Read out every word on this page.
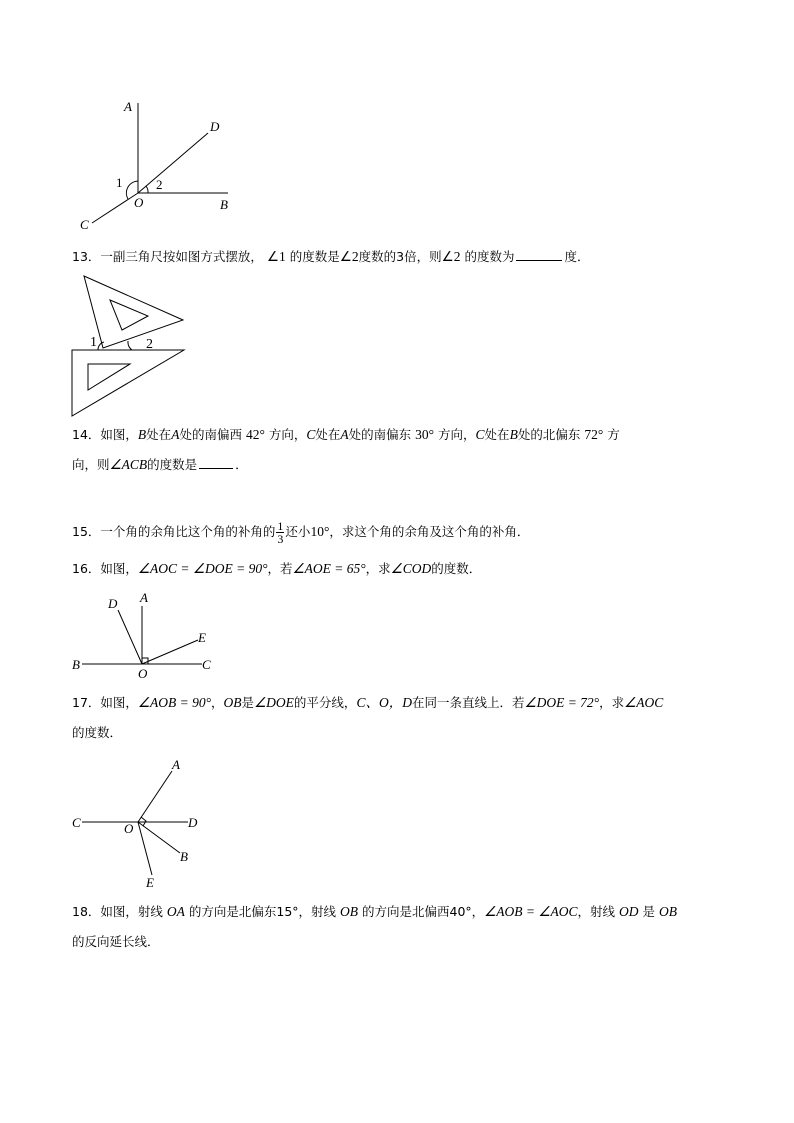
A
D
1	2
O	B
C
13．一副三角尺按如图方式摆放， ∠1 的度数是∠2度数的3倍，则∠2 的度数为	度．
1	2
14．如图，B处在A处的南偏西 42° 方向，C处在A处的南偏东 30° 方向，C处在B处的北偏东 72° 方
向，则∠ACB的度数是	．
15．一个角的余角比这个角的补角的 $\frac{1}{3}$ 还小10°，求这个角的余角及这个角的补角．
16．如图，∠AOC = ∠DOE = 90°，若∠AOE = 65°，求∠COD的度数．
D A
E
B
O
C
17．如图，∠AOB = 90°，OB是∠DOE的平分线，C、O，D在同一条直线上．若∠DOE = 72°，求∠AOC
的度数．
A
C	O	D
B
E
18．如图，射线 OA 的方向是北偏东15°，射线 OB 的方向是北偏西40°，∠AOB = ∠AOC，射线 OD 是 OB
的反向延长线．
